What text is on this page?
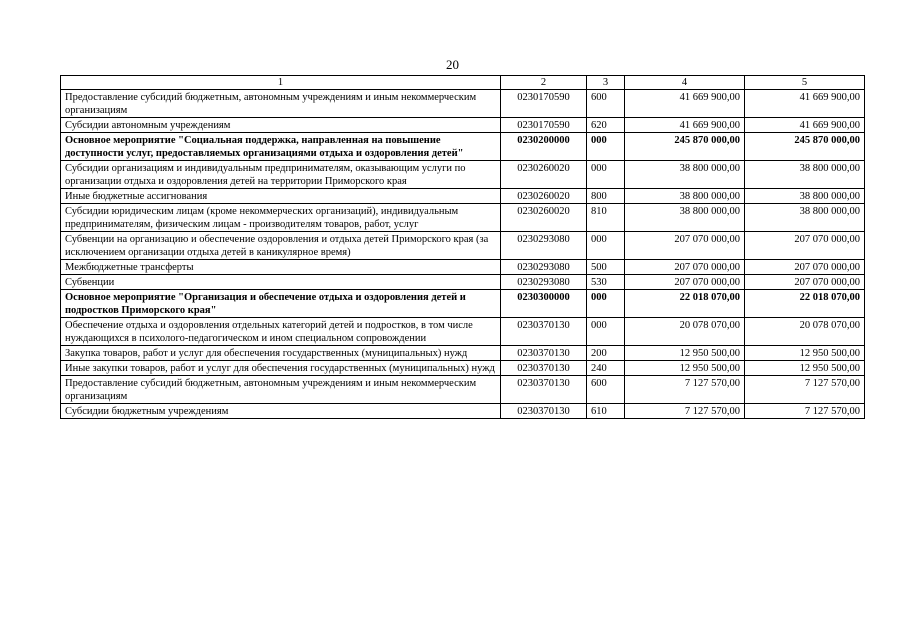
20
1	2	3	4	5
Предоставление субсидий бюджетным, автономным учреждениям и иным некоммерческим организациям	0230170590	600	41 669 900,00	41 669 900,00
Субсидии автономным учреждениям	0230170590	620	41 669 900,00	41 669 900,00
Основное мероприятие "Социальная поддержка, направленная на повышение доступности услуг, предоставляемых организациями отдыха и оздоровления детей"	0230200000	000	245 870 000,00	245 870 000,00
Субсидии организациям и индивидуальным предпринимателям, оказывающим услуги по организации отдыха и оздоровления детей на территории Приморского края	0230260020	000	38 800 000,00	38 800 000,00
Иные бюджетные ассигнования	0230260020	800	38 800 000,00	38 800 000,00
Субсидии юридическим лицам (кроме некоммерческих организаций), индивидуальным предпринимателям, физическим лицам - производителям товаров, работ, услуг	0230260020	810	38 800 000,00	38 800 000,00
Субвенции на организацию и обеспечение оздоровления и отдыха детей Приморского края (за исключением организации отдыха детей в каникулярное время)	0230293080	000	207 070 000,00	207 070 000,00
Межбюджетные трансферты	0230293080	500	207 070 000,00	207 070 000,00
Субвенции	0230293080	530	207 070 000,00	207 070 000,00
Основное мероприятие "Организация и обеспечение отдыха и оздоровления детей и подростков Приморского края"	0230300000	000	22 018 070,00	22 018 070,00
Обеспечение отдыха и оздоровления отдельных категорий детей и подростков, в том числе нуждающихся в психолого-педагогическом и ином специальном сопровождении	0230370130	000	20 078 070,00	20 078 070,00
Закупка товаров, работ и услуг для обеспечения государственных (муниципальных) нужд	0230370130	200	12 950 500,00	12 950 500,00
Иные закупки товаров, работ и услуг для обеспечения государственных (муниципальных) нужд	0230370130	240	12 950 500,00	12 950 500,00
Предоставление субсидий бюджетным, автономным учреждениям и иным некоммерческим организациям	0230370130	600	7 127 570,00	7 127 570,00
Субсидии бюджетным учреждениям	0230370130	610	7 127 570,00	7 127 570,00
